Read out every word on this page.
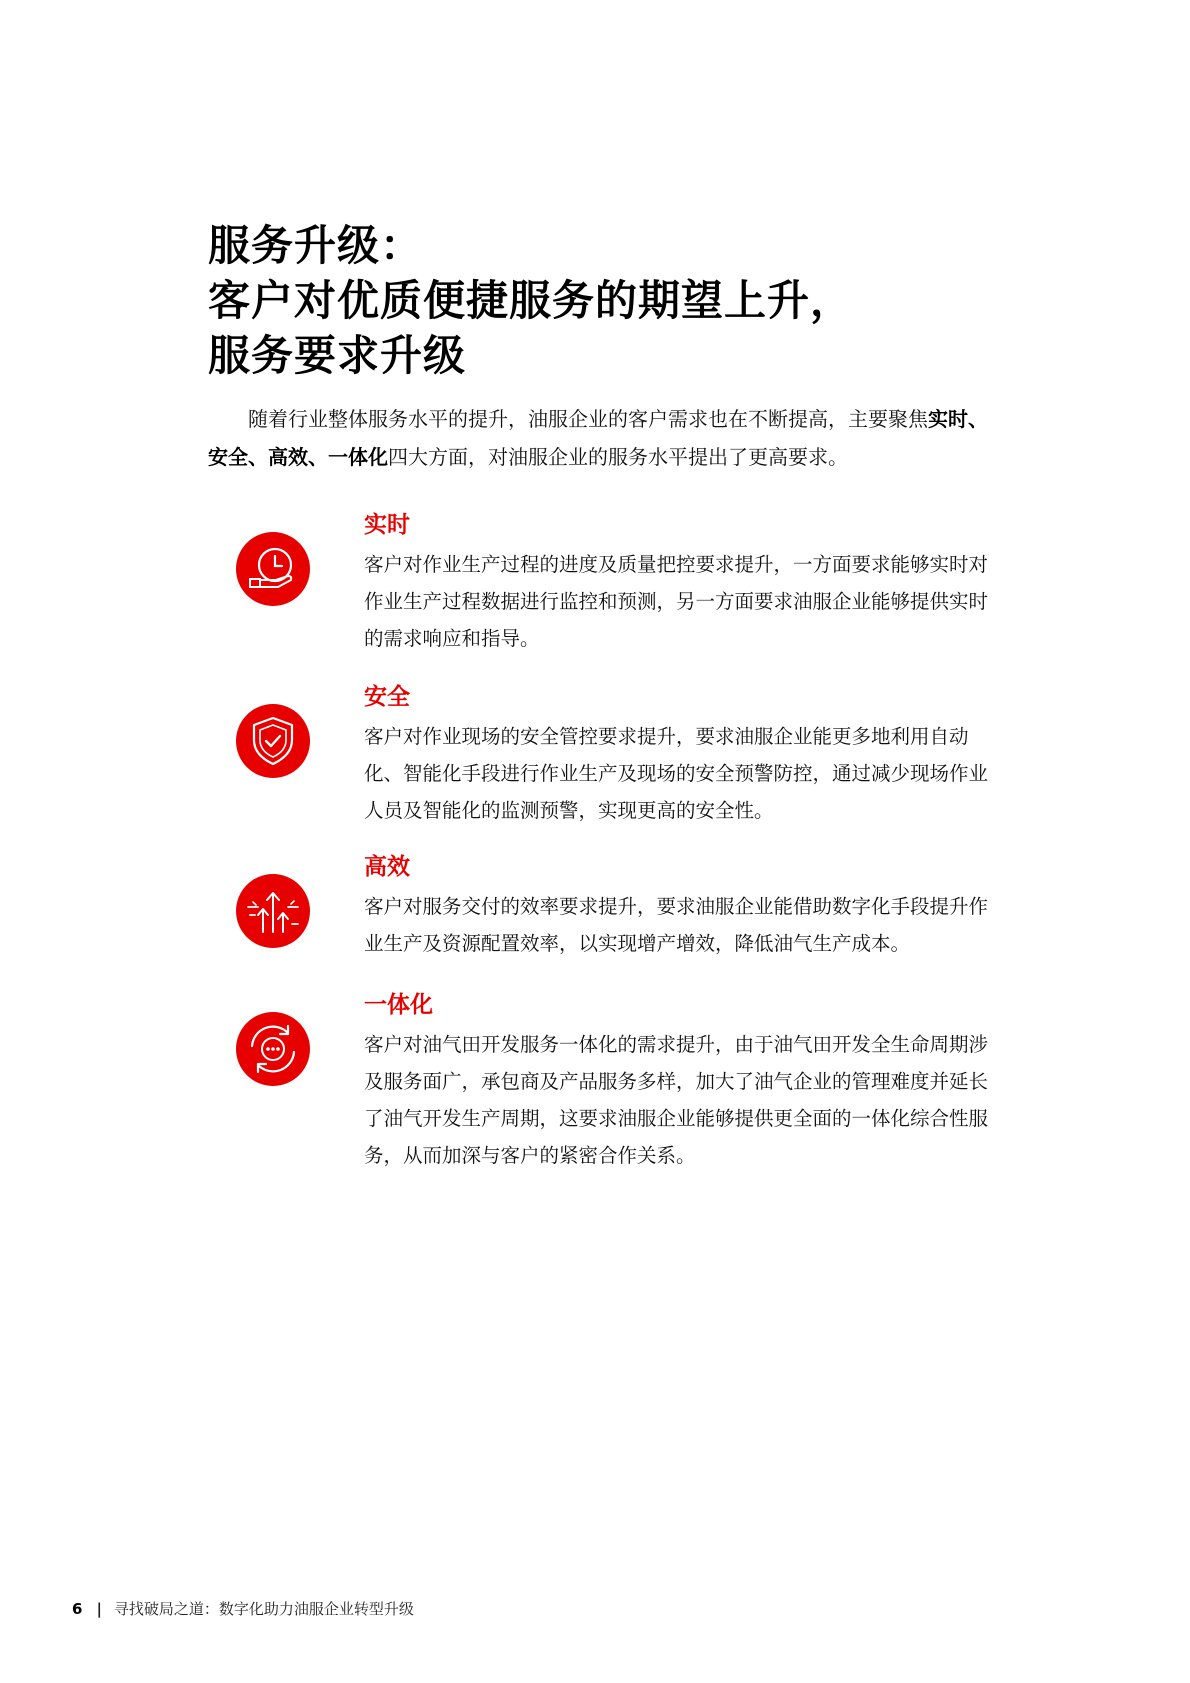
服务升级：
客户对优质便捷服务的期望上升，
服务要求升级
随着行业整体服务水平的提升，油服企业的客户需求也在不断提高，主要聚焦实时、安全、高效、一体化四大方面，对油服企业的服务水平提出了更高要求。
实时
客户对作业生产过程的进度及质量把控要求提升，一方面要求能够实时对作业生产过程数据进行监控和预测，另一方面要求油服企业能够提供实时的需求响应和指导。
安全
客户对作业现场的安全管控要求提升，要求油服企业能更多地利用自动化、智能化手段进行作业生产及现场的安全预警防控，通过减少现场作业人员及智能化的监测预警，实现更高的安全性。
高效
客户对服务交付的效率要求提升，要求油服企业能借助数字化手段提升作业生产及资源配置效率，以实现增产增效，降低油气生产成本。
一体化
客户对油气田开发服务一体化的需求提升，由于油气田开发全生命周期涉及服务面广，承包商及产品服务多样，加大了油气企业的管理难度并延长了油气开发生产周期，这要求油服企业能够提供更全面的一体化综合性服务，从而加深与客户的紧密合作关系。
6 | 寻找破局之道：数字化助力油服企业转型升级
